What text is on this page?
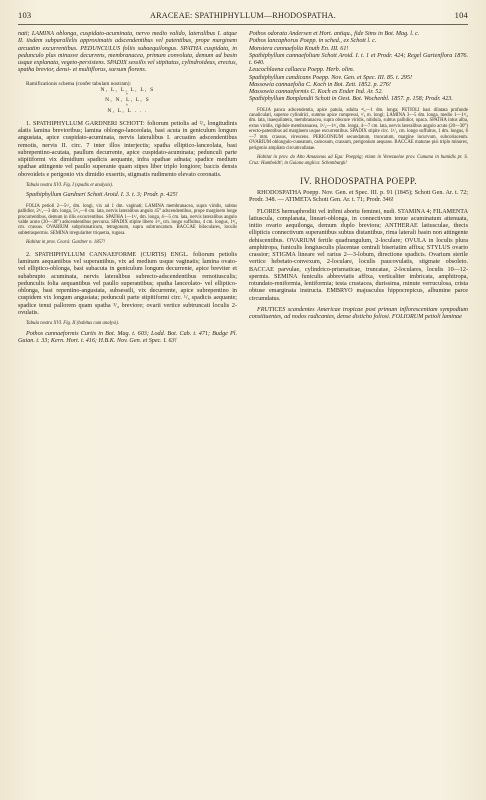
103	ARACEAE: SPATHIPHYLLUM—RHODOSPATHA.	104

nati; LAMINA oblonga, cuspidato-acuminata, nervo medio valido, lateralibus I. atque II. iisdem subparallelis approximatis adscendentibus vel patentibus, prope marginem arcuatim excurrentibus. PEDUNCULUS foliis subaequilongus. SPATHA cuspidata, in pedunculo plus minusve decurrens, membranacea, primum convoluta, demum ad basin usque explanata, vegeto-persistens. SPADIX sessilis vel stipitatus, cylindroideus, erectus, spatha brevior, densi- et multiflorus, sursum florens.

Ramificationis schema (confer tabulam nostram):

N, L, L, L, L, S
ᵇ
N, N, L, L, S
ᵇ
N, L, L . . .

1. SPATHIPHYLLUM GARDNERI SCHOTT: foliorum petiolis ad ²/₃ longitudinis alatis lamina brevioribus; lamina oblongo-lanceolata, basi acuta in geniculum longum angustata, apice cuspidato-acuminata, nervis lateralibus I. arcuatim adscendentibus remotis, nervis II. circ. 7 inter illos interjectis; spatha elliptico-lanceolata, basi subrepentino-acutata, paullum decurrente, apice cuspidato-acuminata; pedunculi parte stipitiformi vix dimidium spadicis aequante, infra spathae adnata; spadice medium spathae attingente vel paullo superante quam stipes liber triplo longiore; baccis densis obovoideis e perigonio vix dimidio exsertis, stigmatis rudimento elevato coronatis.

Tabula nostra XVI. Fig. I (spadix et analysis).

Spathiphyllum Gardneri Schott Aroid. I. 3. t. 3; Prodr. p. 425!

FOLIA petioli 2—5¹/₂ dm. longi, vix ad 1 dm. vaginati; LAMINA membranacea, supra viridis, subtus pallidior, 2¹/₂—3 dm. longa, 5¹/₂—6 cm. lata, nervis lateralibus angulo 45° adscendentibus, prope marginem longe procurrentibus, demum in illis excurrentibus. SPATHA 1—1¹/₂ dm. longa, 4—5 cm. lata, nervis lateralibus angulo valde acuto (20—30°) adscendentibus percursa. SPADIX stipite libero 1³/₄ cm. longo suffultus, 4 cm. longus, 1³/₄ cm. crassus. OVARIUM subprismaticum, tetragonum, supra subtruncatum. BACCAE biloculares, loculis subtetraspermis. SEMINA irregulariter triquetra, rugosa.

Habitat in prov. Ceará: Gardner n. 1857!

2. SPATHIPHYLLUM CANNAEFORME (CURTIS) ENGL. foliorum petiolis laminam aequantibus vel superantibus, vix ad medium usque vaginatis; lamina ovato- vel elliptico-oblonga, basi subacuta in geniculum longum decurrente, apice breviter et subabrupto acuminata, nervis lateralibus subrecto-adscendentibus remotiusculis; pedunculis folia aequantibus vel paullo superantibus; spatha lanceolato- vel elliptico-oblonga, basi repentino-angustata, subsessili, vix decurrente, apice subrepentino in cuspidem vix longum angustata; pedunculi parte stipitiformi circ. ¹/₃ spadicis aequante; spadice tenui pallorem quam spatha ³/₄ breviore; ovarii vertice subtruncati loculis 2-ovulatis.

Tabula nostra XVI. Fig. II (habitus cum analysi).

Pothos cannaeformis Curtis in Bot. Mag. t. 603; Lodd. Bot. Cab. t. 471; Budge Pl. Guian. t. 33; Kern. Hort. t. 416; H.B.K. Nov. Gen. et Spec. I. 63!

Pothos odorata Andersen et Hort. antiqu., fide Sims in Bot. Mag. l. c.
Pothos lancaphorus Poepp. in sched., ex Schott l. c.
Monstera cannaefolia Knuth En. III. 61!
Spathiphyllum cannaefolium Schott Aroid. I. t. 1 et Prodr. 424; Regel Gartenflora 1876. t. 640.
Leucochlaena callaeca Poepp. Herb. olim.
Spathiphyllum candicans Poepp. Nov. Gen. et Spec. III. 85. t. 295!
Massowia cannaefolia C. Koch in Bot. Zeit. 1852. p. 276!
Massowia cannaeformis C. Koch ex Ender Ind. Ar. 52.
Spathiphyllum Bonplandii Schott in Oest. Bot. Wochenbl. 1857. p. 158; Prodr. 423.

FOLIA panca adscendentia, apice patula, adulta ⁴/₅—1 dm. longa; PETIOLI basi dilatata profunde canaliculati, superne cylindrici, summo apice compressi, ²/₃ m. longi; LAMINA 3—5 dm. longa, medio 1—1¹/₂ dm. lata, inaequilatera, membranacea, supra obscure viridis, nitidula, subtus pallidior, opaca. SPATHA intus alba, extus viridis, rigidule membranacea, 1¹/₂—1³/₄ dm. longa, 4—7 cm. lata, nervis lateralibus angulo acuto (20—30°) erecto-patentibus ad marginem usque excurrentibus. SPADIX stipite circ. 1¹/₂ cm. longo suffultus, 1 dm. longus, 6—7 mm. crassus, virescens. PERIGONIUM secundatum, truncatum, margine incurvum, subcoriaceum. OVARIUM oblongulo-cuneatum, carnosum, crassum, perigonium aequans. BACCAE maturae pisi triplo minores, perigonio ampliato circumvallatae.

Habitat in prov. do Alto Amazonas ad Ega: Poeppig; etiam in Venezuelae prov. Cumana in humidis pr. S. Cruz: Humboldt!; in Guiana anglica: Schomburgk!

IV. RHODOSPATHA POEPP.

RHODOSPATHA Poepp. Nov. Gen. et Spec. III. p. 91 (1845); Schott Gen. Ar. t. 72; Prodr. 348. — ATIMETA Schott Gen. Ar. t. 71; Prodr. 346!

FLORES hermaphroditi vel infimi abortu feminei, nudi. STAMINA 4; FILAMENTA latiuscula, complanata, lineari-oblonga, in connectivum tenue acuminatum attenuata, initio ovario aequilonga, demum duplo breviora; ANTHERAE latiusculae, thecis ellipticis connectivum superantibus subtus distantibus, rima laterali basin non attingente dehiscentibus. OVARIUM fertile quadrangulum, 2-loculare; OVULA in loculis plura amphitropa, funiculis longiusculis placentae centrali biseriatim affixa; STYLUS ovario crassior; STIGMA lineare vel rarius 2—3-lobum, directione spadicis. Ovarium sterile vertice hebetato-convexum, 2-loculare, loculis paucovulatis, stigmate obsoleto. BACCAE parvulae, cylindrico-prismaticae, truncatae, 2-loculares, loculis 10—12-spermis. SEMINA funiculis abbreviatis affixa, verticaliter imbricata, amphitropa, rotundato-reniformia, lentiformia; testa crustacea, durissima, minute verruculosa, crista obtuse emarginata instructa. EMBRYO majusculus hippocrepicus, albumine parce circumdatus.

FRUTICES scandentes Americae tropicae post primum inflorescentiam sympodium constituentes, ad nodos radicantes, dense disticho foliosi. FOLIORUM petioli laminae
